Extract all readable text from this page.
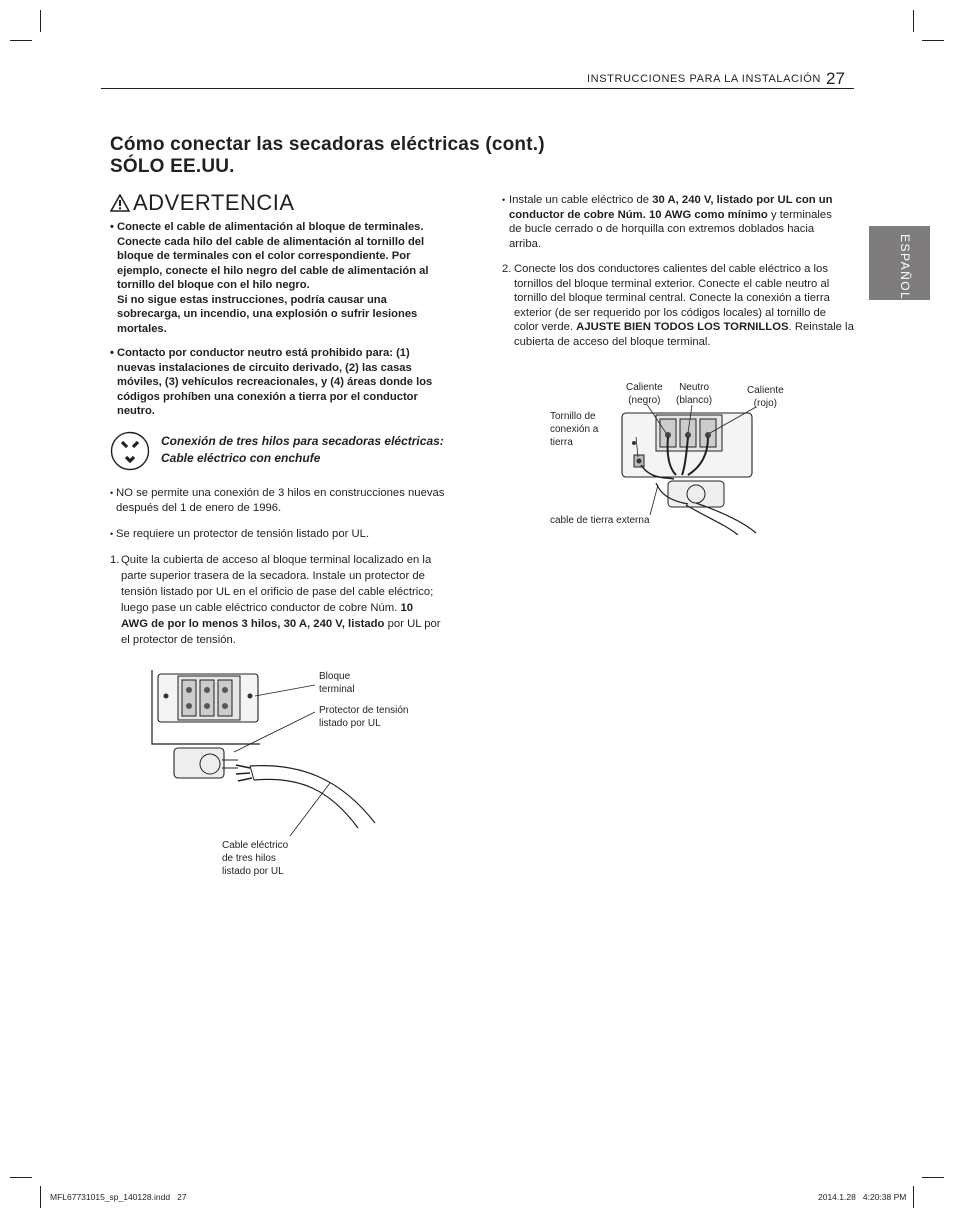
INSTRUCCIONES PARA LA INSTALACIÓN 27
ESPAÑOL
Cómo conectar las secadoras eléctricas (cont.)
SÓLO EE.UU.
ADVERTENCIA
• Conecte el cable de alimentación al bloque de terminales.
Conecte cada hilo del cable de alimentación al tornillo del
bloque de terminales con el color correspondiente. Por
ejemplo, conecte el hilo negro del cable de alimentación al
tornillo del bloque con el hilo negro.
Si no sigue estas instrucciones, podría causar una
sobrecarga, un incendio, una explosión o sufrir lesiones
mortales.
• Contacto por conductor neutro está prohibido para: (1)
nuevas instalaciones de circuito derivado, (2) las casas
móviles, (3) vehículos recreacionales, y (4) áreas donde los
códigos prohíben una conexión a tierra por el conductor
neutro.
Conexión de tres hilos para secadoras eléctricas:
Cable eléctrico con enchufe
• NO se permite una conexión de 3 hilos en construcciones nuevas
después del 1 de enero de 1996.
• Se requiere un protector de tensión listado por UL.
1. Quite la cubierta de acceso al bloque terminal localizado en la
parte superior trasera de la secadora. Instale un protector de
tensión listado por UL en el orificio de pase del cable eléctrico;
luego pase un cable eléctrico conductor de cobre Núm. 10
AWG de por lo menos 3 hilos, 30 A, 240 V, listado por UL por
el protector de tensión.
Bloque
terminal
Protector de tensión
listado por UL
Cable eléctrico
de tres hilos
listado por UL
• Instale un cable eléctrico de 30 A, 240 V, listado por UL con un
conductor de cobre Núm. 10 AWG como mínimo y terminales
de bucle cerrado o de horquilla con extremos doblados hacia
arriba.
2. Conecte los dos conductores calientes del cable eléctrico a los
tornillos del bloque terminal exterior. Conecte el cable neutro al
tornillo del bloque terminal central. Conecte la conexión a tierra
exterior (de ser requerido por los códigos locales) al tornillo de
color verde. AJUSTE BIEN TODOS LOS TORNILLOS. Reinstale la
cubierta de acceso del bloque terminal.
Caliente
(negro)
Neutro
(blanco)
Caliente
(rojo)
Tornillo de
conexión a
tierra
cable de tierra externa
MFL67731015_sp_140128.indd   27	2014.1.28   4:20:38 PM
